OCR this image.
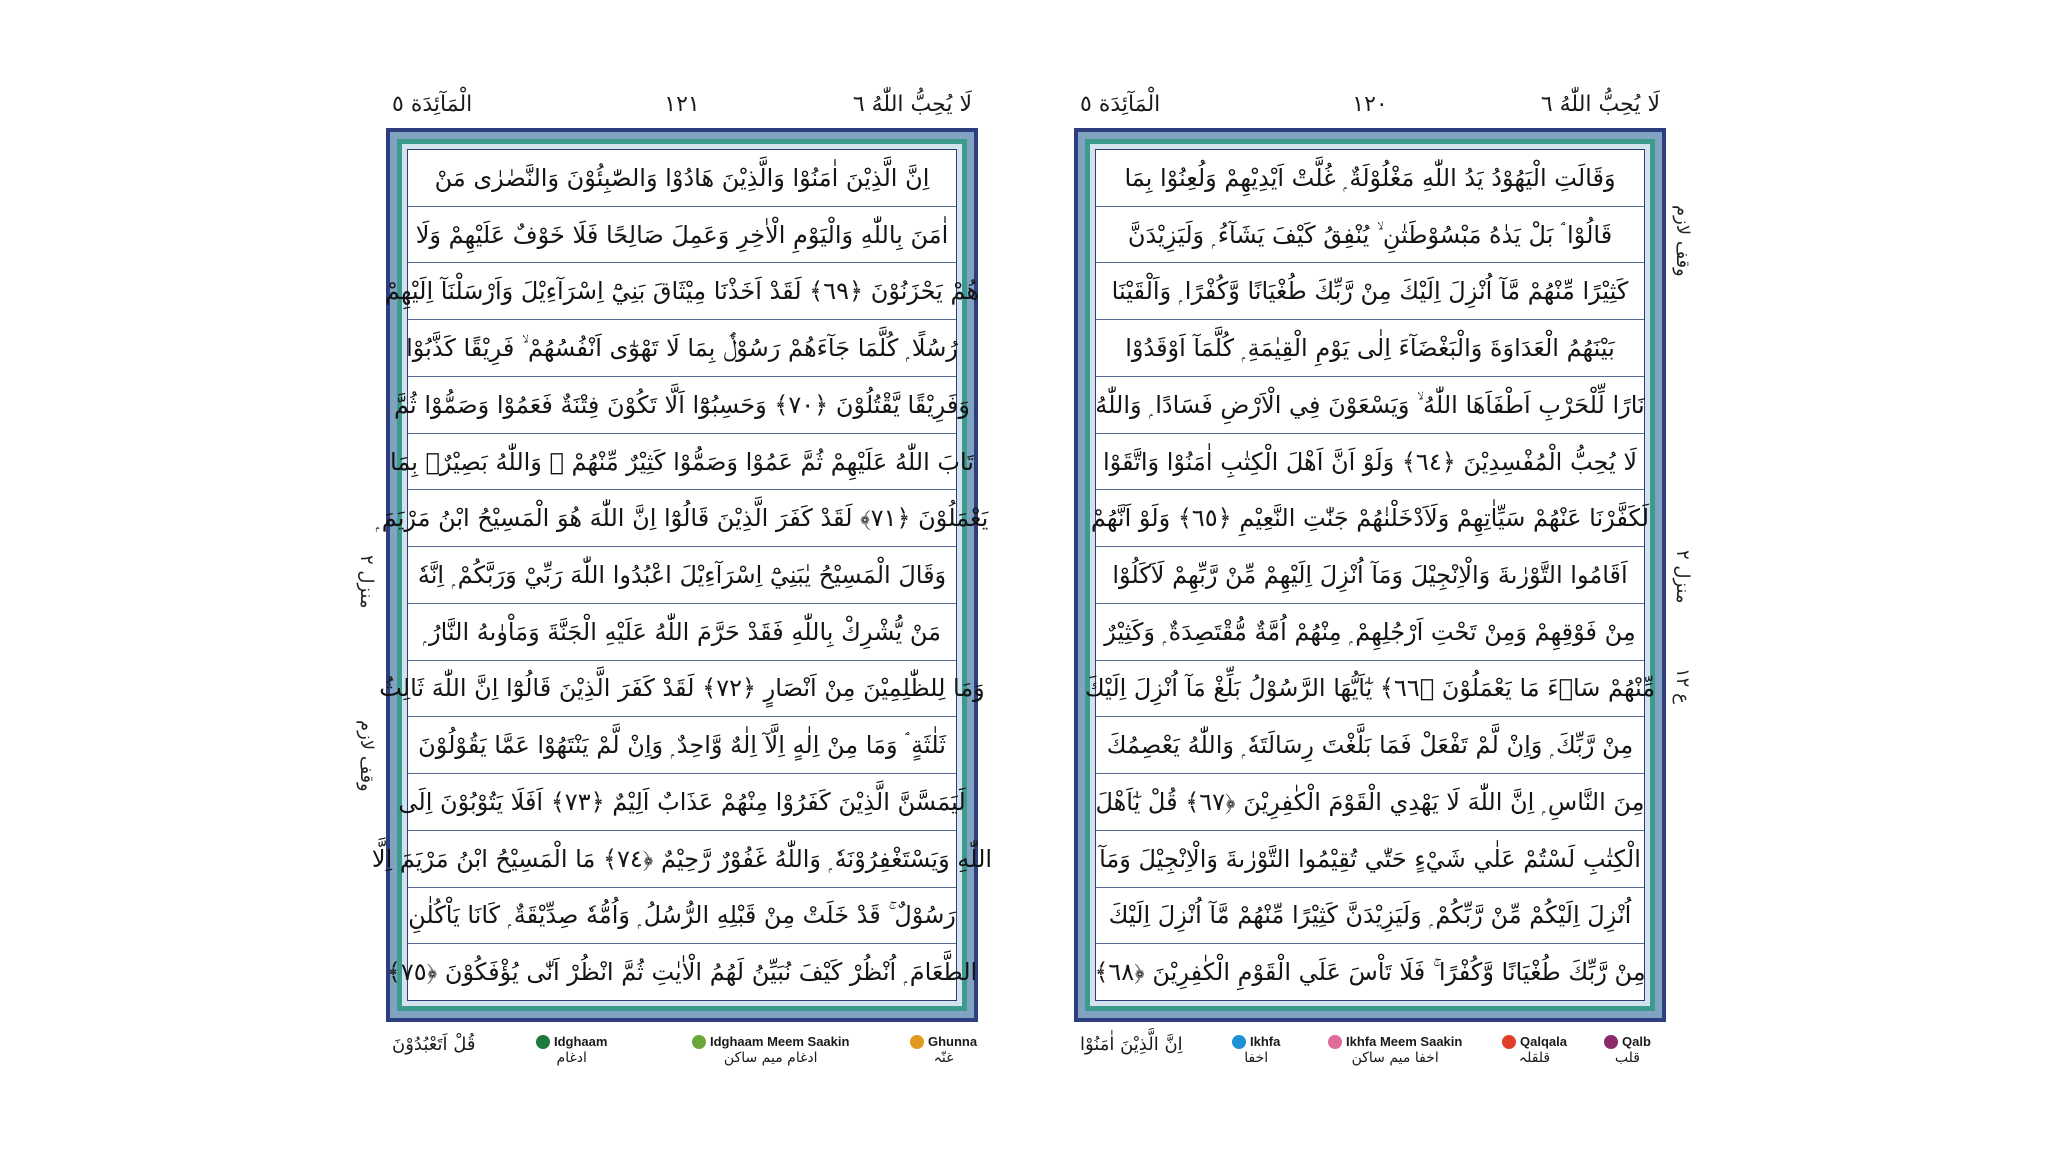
لَا يُحِبُّ اللّٰهُ ٦
١٢١
الْمَآئِدَة ٥
اِنَّ الَّذِيْنَ اٰمَنُوْا وَالَّذِيْنَ هَادُوْا وَالصّٰبِئُوْنَ وَالنَّصٰرٰى مَنْ
اٰمَنَ بِاللّٰهِ وَالْيَوْمِ الْاٰخِرِ وَعَمِلَ صَالِحًا فَلَا خَوْفٌ عَلَيْهِمْ وَلَا
هُمْ يَحْزَنُوْنَ ﴿٦٩﴾ لَقَدْ اَخَذْنَا مِيْثَاقَ بَنِيْٓ اِسْرَآءِيْلَ وَاَرْسَلْنَآ اِلَيْهِمْ
رُسُلًا ۭ كُلَّمَا جَآءَهُمْ رَسُوْلٌۢ بِمَا لَا تَهْوٰٓى اَنْفُسُهُمْ ۙ فَرِيْقًا كَذَّبُوْا
وَفَرِيْقًا يَّقْتُلُوْنَ ﴿٧٠﴾ وَحَسِبُوْٓا اَلَّا تَكُوْنَ فِتْنَةٌ فَعَمُوْا وَصَمُّوْا ثُمَّ
تَابَ اللّٰهُ عَلَيْهِمْ ثُمَّ عَمُوْا وَصَمُّوْا كَثِيْرٌ مِّنْهُمْ ۭ وَاللّٰهُ بَصِيْرٌۢ بِمَا
يَعْمَلُوْنَ ﴿٧١﴾ لَقَدْ كَفَرَ الَّذِيْنَ قَالُوْٓا اِنَّ اللّٰهَ هُوَ الْمَسِيْحُ ابْنُ مَرْيَمَ ۭ
وَقَالَ الْمَسِيْحُ يٰبَنِيْٓ اِسْرَآءِيْلَ اعْبُدُوا اللّٰهَ رَبِّيْ وَرَبَّكُمْ ۭ اِنَّهٗ
مَنْ يُّشْرِكْ بِاللّٰهِ فَقَدْ حَرَّمَ اللّٰهُ عَلَيْهِ الْجَنَّةَ وَمَاْوٰىهُ النَّارُ ۭ
وَمَا لِلظّٰلِمِيْنَ مِنْ اَنْصَارٍ ﴿٧٢﴾ لَقَدْ كَفَرَ الَّذِيْنَ قَالُوْٓا اِنَّ اللّٰهَ ثَالِثُ
ثَلٰثَةٍ ۘ وَمَا مِنْ اِلٰهٍ اِلَّآ اِلٰهٌ وَّاحِدٌ ۭ وَاِنْ لَّمْ يَنْتَهُوْا عَمَّا يَقُوْلُوْنَ
لَيَمَسَّنَّ الَّذِيْنَ كَفَرُوْا مِنْهُمْ عَذَابٌ اَلِيْمٌ ﴿٧٣﴾ اَفَلَا يَتُوْبُوْنَ اِلَى
اللّٰهِ وَيَسْتَغْفِرُوْنَهٗ ۭ وَاللّٰهُ غَفُوْرٌ رَّحِيْمٌ ﴿٧٤﴾ مَا الْمَسِيْحُ ابْنُ مَرْيَمَ اِلَّا
رَسُوْلٌ ۚ قَدْ خَلَتْ مِنْ قَبْلِهِ الرُّسُلُ ۭ وَاُمُّهٗ صِدِّيْقَةٌ ۭ كَانَا يَاْكُلٰنِ
الطَّعَامَ ۭ اُنْظُرْ كَيْفَ نُبَيِّنُ لَهُمُ الْاٰيٰتِ ثُمَّ انْظُرْ اَنّٰى يُؤْفَكُوْنَ ﴿٧٥﴾
قُلْ اَتَعْبُدُوْنَ	Idghaam
ادغام
Idghaam Meem Saakin
ادغام میم ساکن
Ghunna
غنّہ
منزل ٢
وقف لازم
لَا يُحِبُّ اللّٰهُ ٦
١٢٠
الْمَآئِدَة ٥
وَقَالَتِ الْيَهُوْدُ يَدُ اللّٰهِ مَغْلُوْلَةٌ ۭ غُلَّتْ اَيْدِيْهِمْ وَلُعِنُوْا بِمَا
قَالُوْا ۘ بَلْ يَدٰهُ مَبْسُوْطَتٰنِ ۙ يُنْفِقُ كَيْفَ يَشَآءُ ۭ وَلَيَزِيْدَنَّ
كَثِيْرًا مِّنْهُمْ مَّآ اُنْزِلَ اِلَيْكَ مِنْ رَّبِّكَ طُغْيَانًا وَّكُفْرًا ۭ وَاَلْقَيْنَا
بَيْنَهُمُ الْعَدَاوَةَ وَالْبَغْضَآءَ اِلٰى يَوْمِ الْقِيٰمَةِ ۭ كُلَّمَآ اَوْقَدُوْا
نَارًا لِّلْحَرْبِ اَطْفَاَهَا اللّٰهُ ۙ وَيَسْعَوْنَ فِي الْاَرْضِ فَسَادًا ۭ وَاللّٰهُ
لَا يُحِبُّ الْمُفْسِدِيْنَ ﴿٦٤﴾ وَلَوْ اَنَّ اَهْلَ الْكِتٰبِ اٰمَنُوْا وَاتَّقَوْا
لَكَفَّرْنَا عَنْهُمْ سَيِّاٰتِهِمْ وَلَاَدْخَلْنٰهُمْ جَنّٰتِ النَّعِيْمِ ﴿٦٥﴾ وَلَوْ اَنَّهُمْ
اَقَامُوا التَّوْرٰىةَ وَالْاِنْجِيْلَ وَمَآ اُنْزِلَ اِلَيْهِمْ مِّنْ رَّبِّهِمْ لَاَكَلُوْا
مِنْ فَوْقِهِمْ وَمِنْ تَحْتِ اَرْجُلِهِمْ ۭ مِنْهُمْ اُمَّةٌ مُّقْتَصِدَةٌ ۭ وَكَثِيْرٌ
مِّنْهُمْ سَاۗءَ مَا يَعْمَلُوْنَ ﴿٦٦﴾ يٰٓاَيُّهَا الرَّسُوْلُ بَلِّغْ مَآ اُنْزِلَ اِلَيْكَ
مِنْ رَّبِّكَ ۭ وَاِنْ لَّمْ تَفْعَلْ فَمَا بَلَّغْتَ رِسَالَتَهٗ ۭ وَاللّٰهُ يَعْصِمُكَ
مِنَ النَّاسِ ۭ اِنَّ اللّٰهَ لَا يَهْدِي الْقَوْمَ الْكٰفِرِيْنَ ﴿٦٧﴾ قُلْ يٰٓاَهْلَ
الْكِتٰبِ لَسْتُمْ عَلٰي شَيْءٍ حَتّٰي تُقِيْمُوا التَّوْرٰىةَ وَالْاِنْجِيْلَ وَمَآ
اُنْزِلَ اِلَيْكُمْ مِّنْ رَّبِّكُمْ ۭ وَلَيَزِيْدَنَّ كَثِيْرًا مِّنْهُمْ مَّآ اُنْزِلَ اِلَيْكَ
مِنْ رَّبِّكَ طُغْيَانًا وَّكُفْرًا ۚ فَلَا تَاْسَ عَلَي الْقَوْمِ الْكٰفِرِيْنَ ﴿٦٨﴾
اِنَّ الَّذِيْنَ اٰمَنُوْا	Ikhfa
اخفا
Ikhfa Meem Saakin
اخفا میم ساکن
Qalqala
قلقلہ
Qalb
قلب
وقف لازم
منزل ٢
ع ١٢
